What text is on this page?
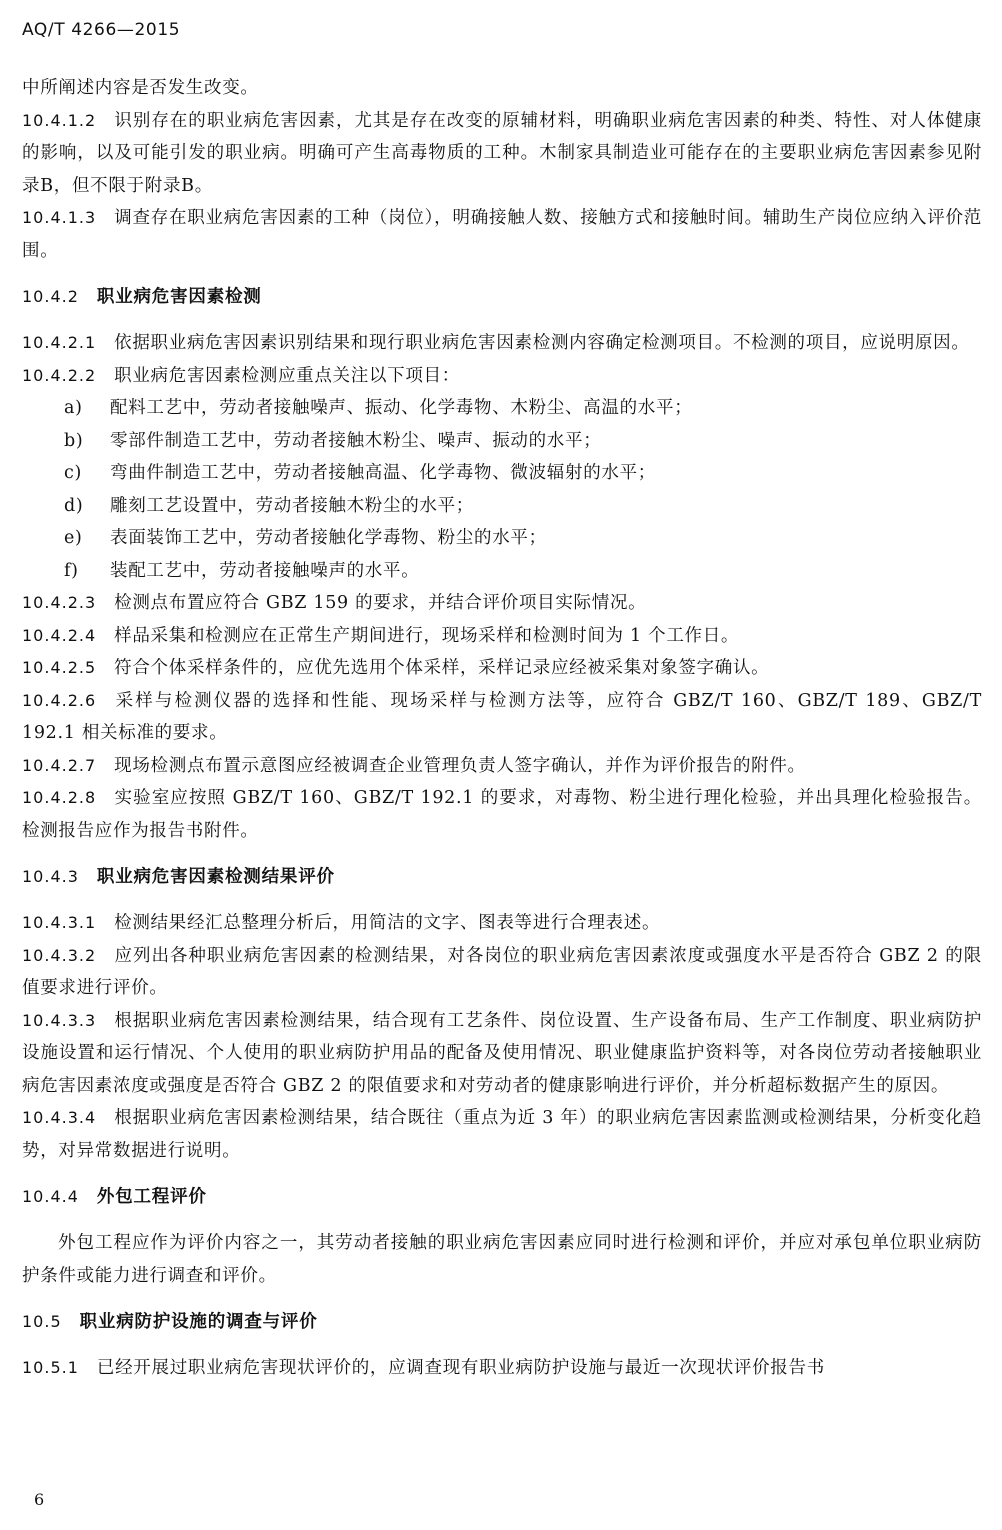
AQ/T 4266—2015

中所阐述内容是否发生改变。

10.4.1.2 识别存在的职业病危害因素，尤其是存在改变的原辅材料，明确职业病危害因素的种类、特性、对人体健康的影响，以及可能引发的职业病。明确可产生高毒物质的工种。木制家具制造业可能存在的主要职业病危害因素参见附录B，但不限于附录B。

10.4.1.3 调查存在职业病危害因素的工种（岗位），明确接触人数、接触方式和接触时间。辅助生产岗位应纳入评价范围。

10.4.2 职业病危害因素检测

10.4.2.1 依据职业病危害因素识别结果和现行职业病危害因素检测内容确定检测项目。不检测的项目，应说明原因。

10.4.2.2 职业病危害因素检测应重点关注以下项目：

a) 配料工艺中，劳动者接触噪声、振动、化学毒物、木粉尘、高温的水平；

b) 零部件制造工艺中，劳动者接触木粉尘、噪声、振动的水平；

c) 弯曲件制造工艺中，劳动者接触高温、化学毒物、微波辐射的水平；

d) 雕刻工艺设置中，劳动者接触木粉尘的水平；

e) 表面装饰工艺中，劳动者接触化学毒物、粉尘的水平；

f) 装配工艺中，劳动者接触噪声的水平。

10.4.2.3 检测点布置应符合 GBZ 159 的要求，并结合评价项目实际情况。

10.4.2.4 样品采集和检测应在正常生产期间进行，现场采样和检测时间为 1 个工作日。

10.4.2.5 符合个体采样条件的，应优先选用个体采样，采样记录应经被采集对象签字确认。

10.4.2.6 采样与检测仪器的选择和性能、现场采样与检测方法等，应符合 GBZ/T 160、GBZ/T 189、GBZ/T 192.1 相关标准的要求。

10.4.2.7 现场检测点布置示意图应经被调查企业管理负责人签字确认，并作为评价报告的附件。

10.4.2.8 实验室应按照 GBZ/T 160、GBZ/T 192.1 的要求，对毒物、粉尘进行理化检验，并出具理化检验报告。检测报告应作为报告书附件。

10.4.3 职业病危害因素检测结果评价

10.4.3.1 检测结果经汇总整理分析后，用简洁的文字、图表等进行合理表述。

10.4.3.2 应列出各种职业病危害因素的检测结果，对各岗位的职业病危害因素浓度或强度水平是否符合 GBZ 2 的限值要求进行评价。

10.4.3.3 根据职业病危害因素检测结果，结合现有工艺条件、岗位设置、生产设备布局、生产工作制度、职业病防护设施设置和运行情况、个人使用的职业病防护用品的配备及使用情况、职业健康监护资料等，对各岗位劳动者接触职业病危害因素浓度或强度是否符合 GBZ 2 的限值要求和对劳动者的健康影响进行评价，并分析超标数据产生的原因。

10.4.3.4 根据职业病危害因素检测结果，结合既往（重点为近 3 年）的职业病危害因素监测或检测结果，分析变化趋势，对异常数据进行说明。

10.4.4 外包工程评价

外包工程应作为评价内容之一，其劳动者接触的职业病危害因素应同时进行检测和评价，并应对承包单位职业病防护条件或能力进行调查和评价。

10.5 职业病防护设施的调查与评价

10.5.1 已经开展过职业病危害现状评价的，应调查现有职业病防护设施与最近一次现状评价报告书

6
